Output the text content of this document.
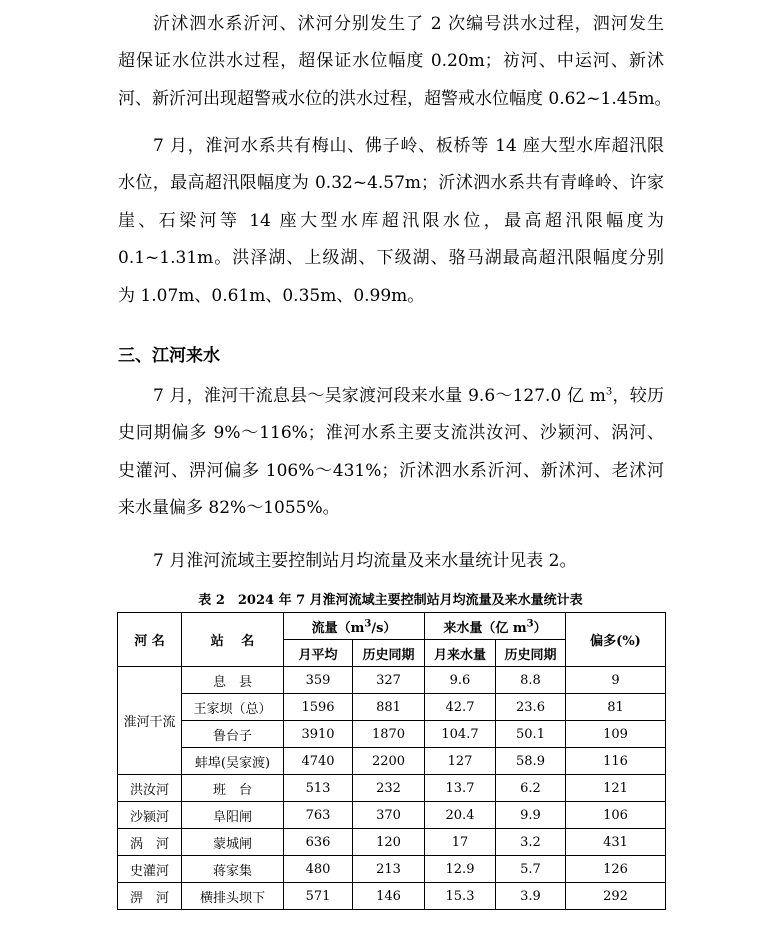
沂沭泗水系沂河、沭河分别发生了 2 次编号洪水过程，泗河发生
超保证水位洪水过程，超保证水位幅度 0.20m；祊河、中运河、新沭
河、新沂河出现超警戒水位的洪水过程，超警戒水位幅度 0.62~1.45m。
7 月，淮河水系共有梅山、佛子岭、板桥等 14 座大型水库超汛限
水位，最高超汛限幅度为 0.32~4.57m；沂沭泗水系共有青峰岭、许家
崖、石梁河等 14 座大型水库超汛限水位，最高超汛限幅度为
0.1~1.31m。洪泽湖、上级湖、下级湖、骆马湖最高超汛限幅度分别
为 1.07m、0.61m、0.35m、0.99m。
三、江河来水
7 月，淮河干流息县～吴家渡河段来水量 9.6～127.0 亿 $m^3$，较历
史同期偏多 9%～116%；淮河水系主要支流洪汝河、沙颍河、涡河、
史灌河、淠河偏多 106%～431%；沂沭泗水系沂河、新沭河、老沭河
来水量偏多 82%～1055%。
7 月淮河流域主要控制站月均流量及来水量统计见表 2。

表 2　2024 年 7 月淮河流域主要控制站月均流量及来水量统计表

河 名	站　 名	流量$(m^3/s)$		来水量（亿 $m^3$）		偏多(%)
		月平均	历史同期	月来水量	历史同期	
淮河干流	息　县	359	327	9.6	8.8	9
	王家坝（总）	1596	881	42.7	23.6	81
	鲁台子	3910	1870	104.7	50.1	109
	蚌埠(吴家渡)	4740	2200	127	58.9	116
洪汝河	班　台	513	232	13.7	6.2	121
沙颍河	阜阳闸	763	370	20.4	9.9	106
涡　河	蒙城闸	636	120	17	3.2	431
史灌河	蒋家集	480	213	12.9	5.7	126
淠　河	横排头坝下	571	146	15.3	3.9	292
